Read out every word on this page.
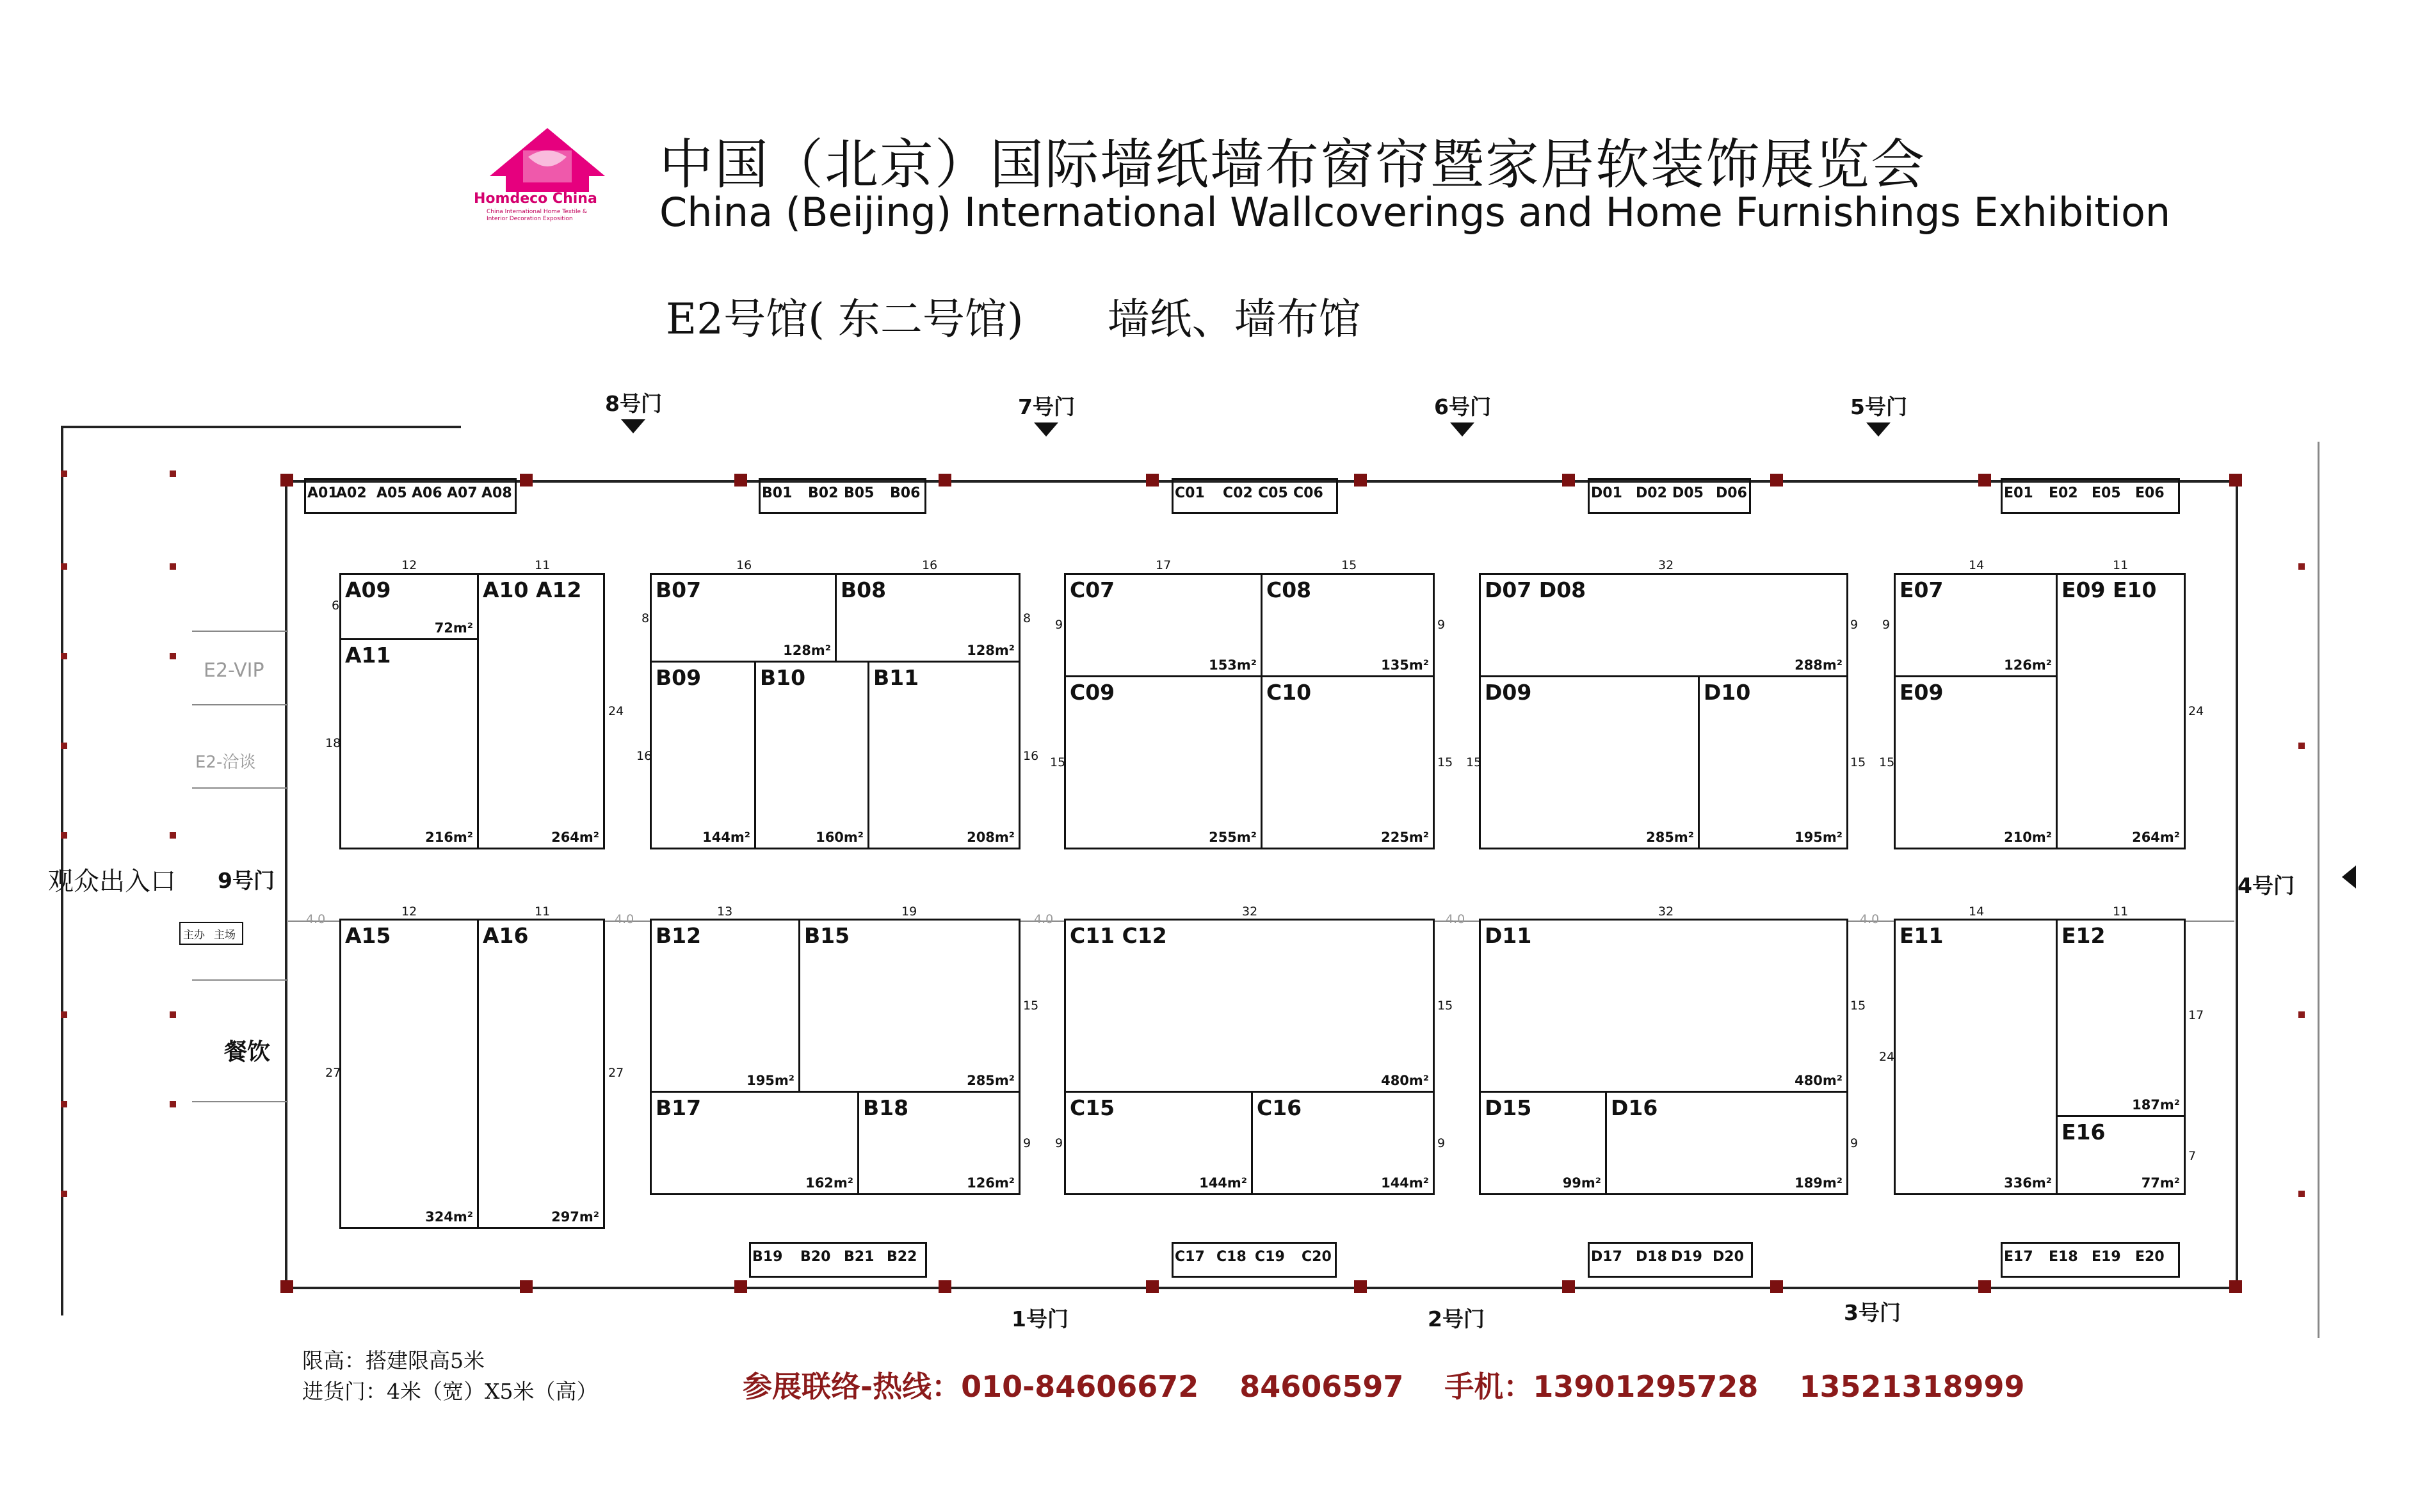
Homdeco China
China International Home Textile & Interior Decoration Exposition
中国（北京）国际墙纸墙布窗帘暨家居软装饰展览会
China (Beijing) International Wallcoverings and Home Furnishings Exhibition
E2号馆( 东二号馆) 墙纸、墙布馆
8号门	7号门	6号门	5号门
1号门	2号门	3号门
4号门
观众出入口 9号门
餐饮
E2-VIP
E2-洽谈
主办 主场
A01
A02 A05 A06 A07 A08	B01 B02 B05 B06	C01 C02 C05 C06	D01 D02 D05 D06	E01 E02 E05 E06
B19 B20 B21 B22	C17 C18 C19 C20	D17 D18 D19 D20	E17 E18 E19 E20
A09
72m²
A11
216m²
A10 A12
264m²
B07
128m²
B08
128m²
B09
144m²
B10
160m²
B11
208m²
C07
153m²
C08
135m²
C09
255m²
C10
225m²
D07 D08
288m²
D09
285m²
D10
195m²
E07
126m²
E09
210m²
E09 E10
264m²
A15
324m²
A16
297m²
B12
195m²
B15
285m²
B17
162m²
B18
126m²
C11 C12
480m²
C15
144m²
C16
144m²
D11
480m²
D15
99m²
D16
189m²
E11
336m²
E12
187m²
E16
77m²
12	11	16	16	17	15	32	14	11
12	11	13	19	32	32	14	11
24
18
6
16	16
8	8 9
15
9
15 15
9
15
9
15
24
27	27
15
9 9
15
9
15
9
24
17
7
4.0	4.0	4.0	4.0	4.0
限高：搭建限高5米
进货门：4米（宽）X5米（高）	参展联络-热线：010-84606672 84606597 手机：13901295728 13521318999
